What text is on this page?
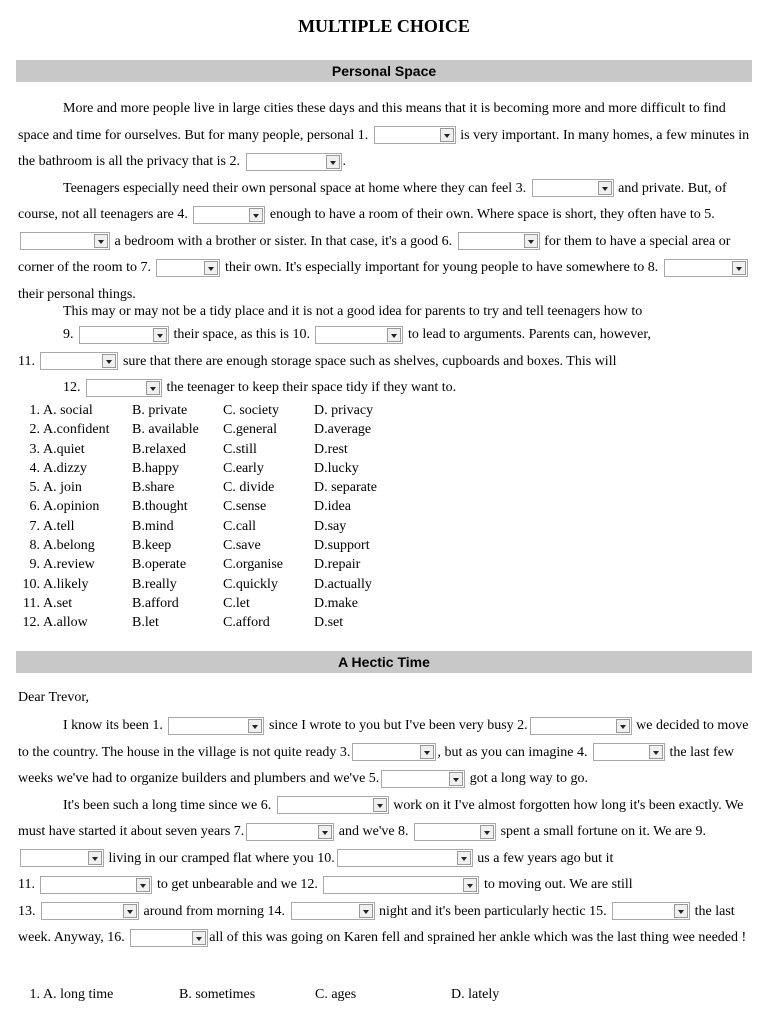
MULTIPLE CHOICE
Personal Space

More and more people live in large cities these days and this means that it is becoming more and more difficult to find space and time for ourselves. But for many people, personal 1.	is very important. In many homes, a few minutes in the bathroom is all the privacy that is 2.	.

Teenagers especially need their own personal space at home where they can feel 3.	and private. But, of course, not all teenagers are 4.	enough to have a room of their own. Where space is short, they often have to 5.
a bedroom with a brother or sister. In that case, it's a good 6.	for them to have a special area or corner of the room to 7.	their own. It's especially important for young people to have somewhere to 8.
their personal things.

This may or may not be a tidy place and it is not a good idea for parents to try and tell teenagers how to

9.	their space, as this is 10.	to lead to arguments. Parents can, however,

11.	sure that there are enough storage space such as shelves, cupboards and boxes. This will

12.	the teenager to keep their space tidy if they want to.

1. A. social	B. private	C. society	D. privacy
2. A.confident B. available C.general	D.average
3. A.quiet	B.relaxed	C.still	D.rest
4. A.dizzy	B.happy	C.early	D.lucky
5. A. join	B.share	C. divide	D. separate
6. A.opinion B.thought	C.sense	D.idea
7. A.tell	B.mind	C.call	D.say
8. A.belong	B.keep	C.save	D.support
9. A.review	B.operate	C.organise D.repair
10. A.likely	B.really	C.quickly	D.actually
11. A.set	B.afford	C.let	D.make
12. A.allow	B.let	C.afford	D.set
A Hectic Time
Dear Trevor,

I know its been 1.	since I wrote to you but I've been very busy 2.	we decided to move to the country. The house in the village is not quite ready 3.	, but as you can imagine 4.	the last few weeks we've had to organize builders and plumbers and we've 5.	got a long way to go.

It's been such a long time since we 6.	work on it I've almost forgotten how long it's been exactly. We must have started it about seven years 7.	and we've 8.	spent a small fortune on it. We are 9.
living in our cramped flat where you 10.	us a few years ago but it
11.	to get unbearable and we 12.	to moving out. We are still
13.	around from morning 14.	night and it's been particularly hectic 15.	the last week. Anyway, 16.	all of this was going on Karen fell and sprained her ankle which was the last thing wee needed !

1. A. long time	B. sometimes	C. ages	D. lately
